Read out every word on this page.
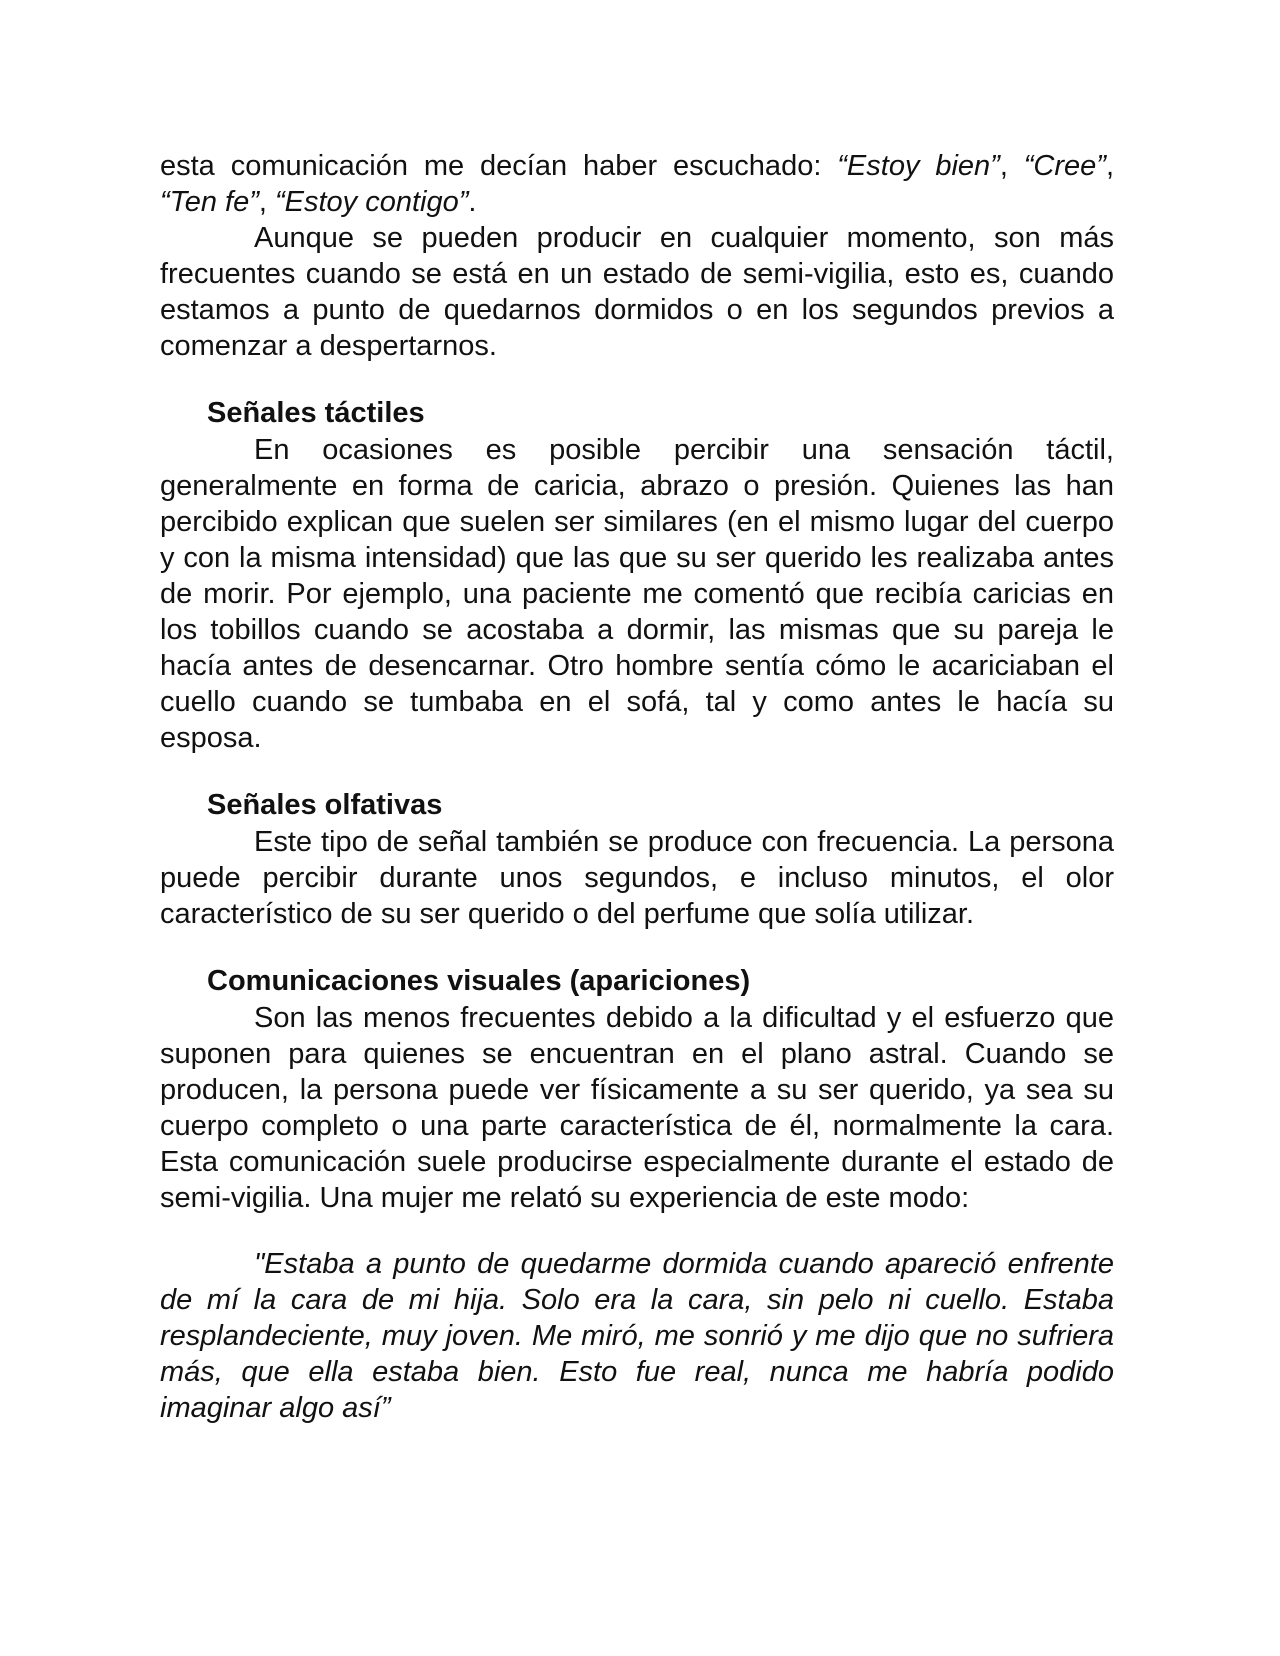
esta comunicación me decían haber escuchado: “Estoy bien”, “Cree”, “Ten fe”, “Estoy contigo”.

Aunque se pueden producir en cualquier momento, son más frecuentes cuando se está en un estado de semi-vigilia, esto es, cuando estamos a punto de quedarnos dormidos o en los segundos previos a comenzar a despertarnos.

Señales táctiles

En ocasiones es posible percibir una sensación táctil, generalmente en forma de caricia, abrazo o presión. Quienes las han percibido explican que suelen ser similares (en el mismo lugar del cuerpo y con la misma intensidad) que las que su ser querido les realizaba antes de morir. Por ejemplo, una paciente me comentó que recibía caricias en los tobillos cuando se acostaba a dormir, las mismas que su pareja le hacía antes de desencarnar. Otro hombre sentía cómo le acariciaban el cuello cuando se tumbaba en el sofá, tal y como antes le hacía su esposa.

Señales olfativas

Este tipo de señal también se produce con frecuencia. La persona puede percibir durante unos segundos, e incluso minutos, el olor característico de su ser querido o del perfume que solía utilizar.

Comunicaciones visuales (apariciones)

Son las menos frecuentes debido a la dificultad y el esfuerzo que suponen para quienes se encuentran en el plano astral. Cuando se producen, la persona puede ver físicamente a su ser querido, ya sea su cuerpo completo o una parte característica de él, normalmente la cara. Esta comunicación suele producirse especialmente durante el estado de semi-vigilia. Una mujer me relató su experiencia de este modo:

"Estaba a punto de quedarme dormida cuando apareció enfrente de mí la cara de mi hija. Solo era la cara, sin pelo ni cuello. Estaba resplandeciente, muy joven. Me miró, me sonrió y me dijo que no sufriera más, que ella estaba bien. Esto fue real, nunca me habría podido imaginar algo así”
